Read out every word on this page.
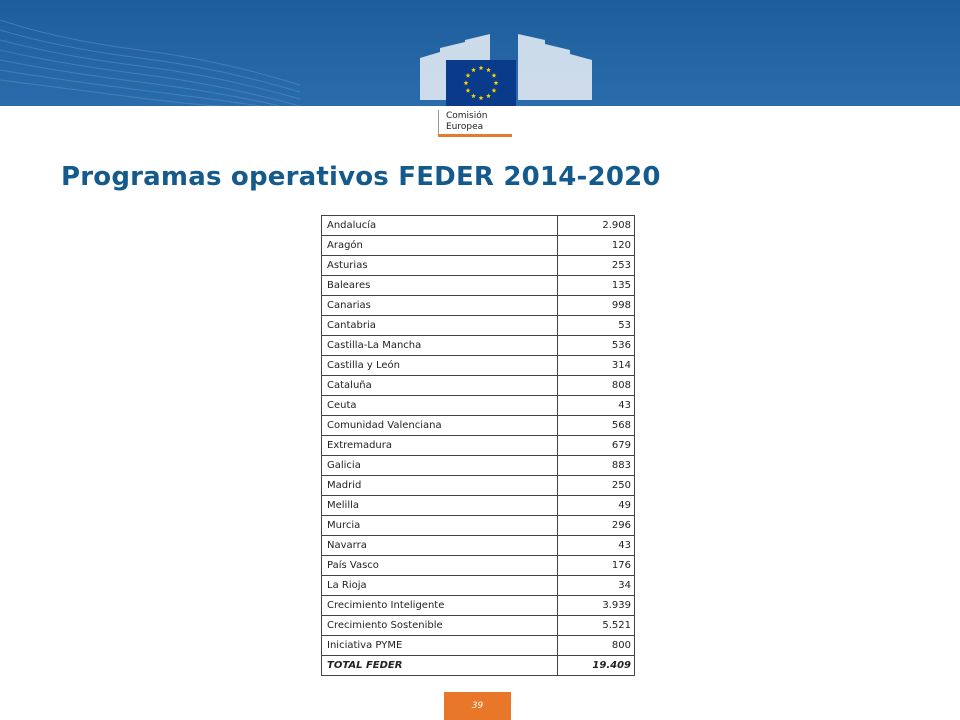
Comisión
Europea
Programas operativos FEDER 2014-2020
Andalucía	2.908
Aragón	120
Asturias	253
Baleares	135
Canarias	998
Cantabria	53
Castilla-La Mancha	536
Castilla y León	314
Cataluña	808
Ceuta	43
Comunidad Valenciana	568
Extremadura	679
Galicia	883
Madrid	250
Melilla	49
Murcia	296
Navarra	43
País Vasco	176
La Rioja	34
Crecimiento Inteligente	3.939
Crecimiento Sostenible	5.521
Iniciativa PYME	800
TOTAL FEDER	19.409
39
